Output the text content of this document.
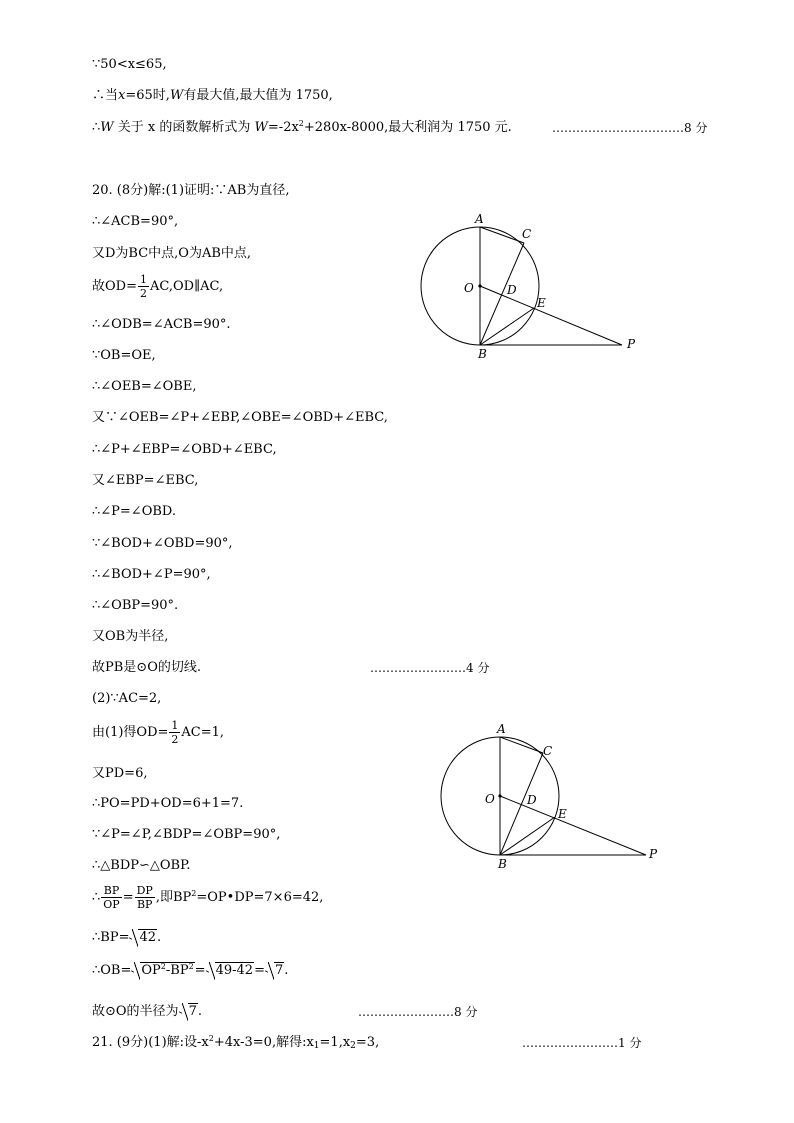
∵50<x≤65,
∴当x=65时,W有最大值,最大值为 1750,
∴W 关于 x 的函数解析式为 $W=-2x^2+280x-8000$,最大利润为 1750 元.	……………………………8 分
20. (8分)解:(1)证明:∵AB为直径,
∴∠ACB=90°,
又D为BC中点,O为AB中点,
故$OD= \frac{1}{2}$ AC,OD∥AC,
∴∠ODB=∠ACB=90°.
∵OB=OE,
∴∠OEB=∠OBE,
又∵∠OEB=∠P+∠EBP,∠OBE=∠OBD+∠EBC,
∴∠P+∠EBP=∠OBD+∠EBC,
又∠EBP=∠EBC,
∴∠P=∠OBD.
∵∠BOD+∠OBD=90°,
∴∠BOD+∠P=90°,
∴∠OBP=90°.
又OB为半径,
故PB是⊙O的切线.	……………………4 分
(2)∵AC=2,
由(1)得$OD= \frac{1}{2} AC=1$,
又PD=6,
∴PO=PD+OD=6+1=7.
∵∠P=∠P,∠BDP=∠OBP=90°,
∴△BDP∽△OBP.
∴ $\frac{BP}{OP} = \frac{DP}{BP}$ ,即$BP^2=OP•DP=7\times 6=42$,
∴BP= 42.
∴OB= $OP^2-BP^2= 49-42= 7$.
故⊙O的半径为 7.	……………………8 分
21. (9分)(1)解:设$-x^2+4x-3=0$,解得$:x_1=1,x_2=3$,	……………………1 分
A
C
O	D
E
B
P
A
C
O	D
E
B
P
